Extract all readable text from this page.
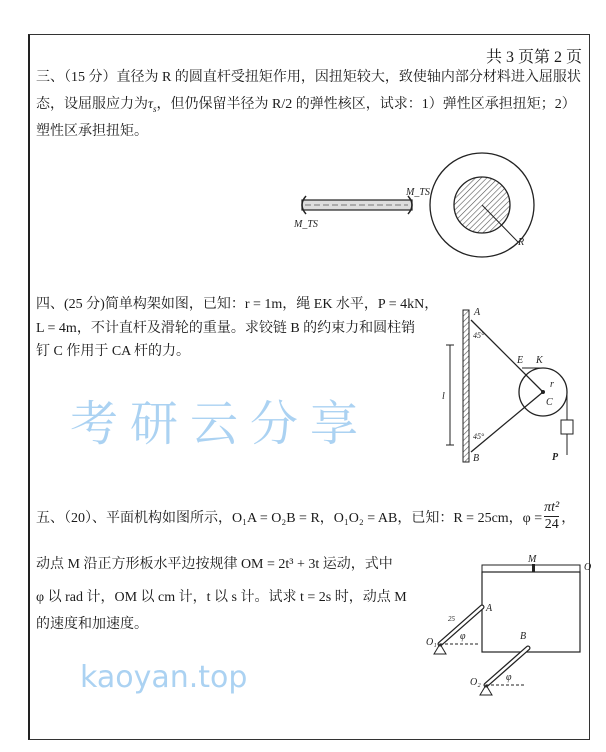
共 3 页第 2 页
三、（15 分）直径为 R 的圆直杆受扭矩作用，因扭矩较大，致使轴内部分材料进入屈服状
态，设屈服应力为$\tau_s$，但仍保留半径为 R/2 的弹性核区，试求：1）弹性区承担扭矩；2）
塑性区承担扭矩。
M_TS
M_TS
R
四、(25 分)简单构架如图，已知：r = 1m，绳 EK 水平，P = 4kN，
L = 4m，不计直杆及滑轮的重量。求铰链 B 的约束力和圆柱销
钉 C 作用于 CA 杆的力。
l
A
B
C
E K
r
P
45°
45°
五、（20）、平面机构如图所示， O₁A = O₂B = R，O₁O₂ = AB，已知：R = 25cm，$\varphi = \frac{\text{πt²}}{24}$ ，
动点 M 沿正方形板水平边按规律 OM = 2t³ + 3t 运动，式中
φ 以 rad 计，OM 以 cm 计，t 以 s 计。试求 t = 2s 时，动点 M
的速度和加速度。
M
O
A
B
O₁
O₂
φ
φ
25
考研云分享
kaoyan.top
